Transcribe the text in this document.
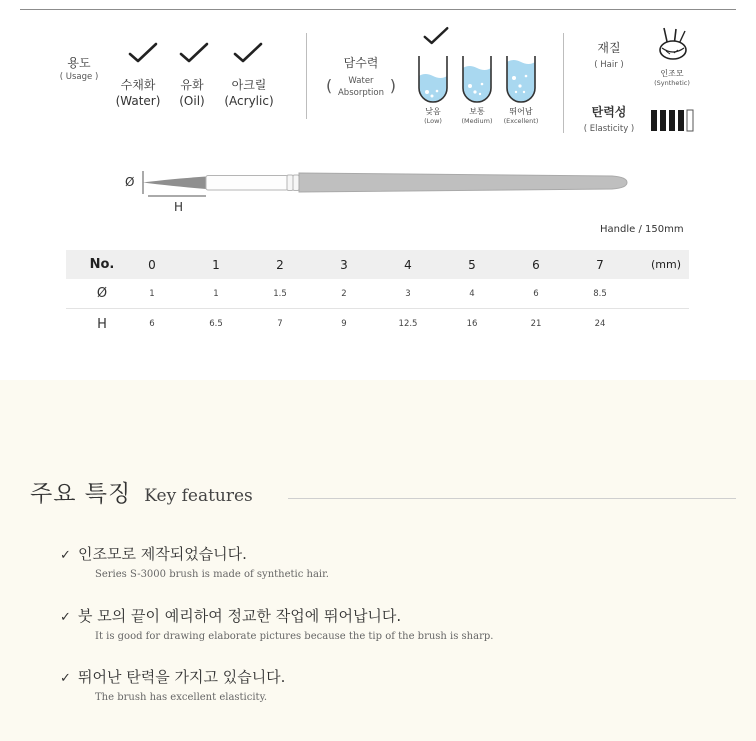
용도
( Usage )
수채화
(Water)
유화
(Oil)
아크릴
(Acrylic)
담수력
(	Water
Absorption )
낮음
(Low)
보통
(Medium)
뛰어남
(Excellent)
재질
( Hair )
인조모
(Synthetic)
탄력성
( Elasticity )
Ø
H
Handle / 150mm
No.	0	1	2	3	4	5	6	7	(mm)
Ø	1	1	1.5	2	3	4	6	8.5
H	6	6.5	7	9	12.5	16	21	24
주요 특징 Key features
✓ 인조모로 제작되었습니다.
Series S-3000 brush is made of synthetic hair.
✓ 붓 모의 끝이 예리하여 정교한 작업에 뛰어납니다.
It is good for drawing elaborate pictures because the tip of the brush is sharp.
✓ 뛰어난 탄력을 가지고 있습니다.
The brush has excellent elasticity.
